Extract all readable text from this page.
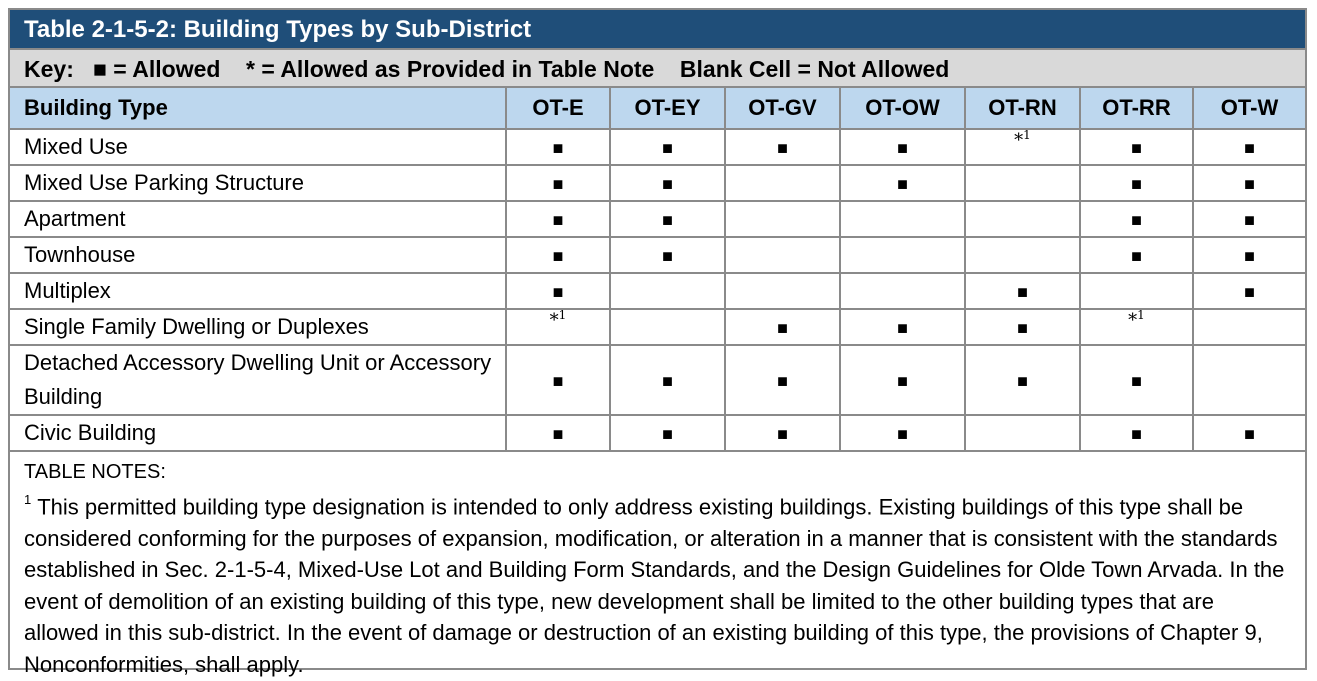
Table 2-1-5-2: Building Types by Sub-District
Key:   ■ = Allowed    * = Allowed as Provided in Table Note    Blank Cell = Not Allowed
Building Type	OT-E	OT-EY	OT-GV	OT-OW	OT-RN	OT-RR	OT-W
Mixed Use	■	■	■	■	$^{*^1}$	■	■
Mixed Use Parking Structure	■	■		■		■	■
Apartment	■	■				■	■
Townhouse	■	■				■	■
Multiplex	■				■		■
Single Family Dwelling or Duplexes	$^{*^1}$		■	■	■	$^{*^1}$	
Detached Accessory Dwelling Unit or Accessory Building	■	■	■	■	■	■	
Civic Building	■	■	■	■		■	■
TABLE NOTES:
$^1$ This permitted building type designation is intended to only address existing buildings. Existing buildings of this type shall be considered conforming for the purposes of expansion, modification, or alteration in a manner that is consistent with the standards established in Sec. 2-1-5-4, Mixed-Use Lot and Building Form Standards, and the Design Guidelines for Olde Town Arvada. In the event of demolition of an existing building of this type, new development shall be limited to the other building types that are allowed in this sub-district. In the event of damage or destruction of an existing building of this type, the provisions of Chapter 9, Nonconformities, shall apply.
